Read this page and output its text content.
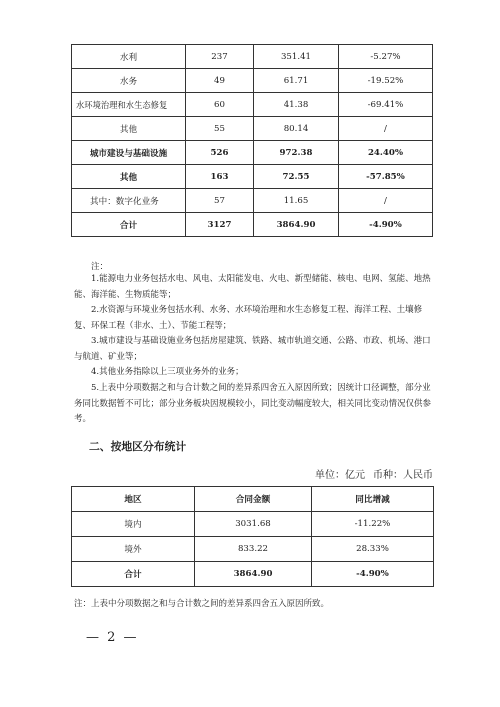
水利	237	351.41	-5.27%
水务	49	61.71	-19.52%
水环境治理和水生态修复	60	41.38	-69.41%
其他	55	80.14	/
城市建设与基础设施	526	972.38	24.40%
其他	163	72.55	-57.85%
其中：数字化业务	57	11.65	/
合计	3127	3864.90	-4.90%
注：
1.能源电力业务包括水电、风电、太阳能发电、火电、新型储能、核电、电网、氢能、地热能、海洋能、生物质能等；
2.水资源与环境业务包括水利、水务、水环境治理和水生态修复工程、海洋工程、土壤修复、环保工程（非水、土）、节能工程等；
3.城市建设与基础设施业务包括房屋建筑、铁路、城市轨道交通、公路、市政、机场、港口与航道、矿业等；
4.其他业务指除以上三项业务外的业务；
5.上表中分项数据之和与合计数之间的差异系四舍五入原因所致；因统计口径调整，部分业务同比数据暂不可比；部分业务板块因规模较小，同比变动幅度较大，相关同比变动情况仅供参考。
二、按地区分布统计
单位：亿元 币种：人民币
地区	合同金额	同比增减
境内	3031.68	-11.22%
境外	833.22	28.33%
合计	3864.90	-4.90%
注：上表中分项数据之和与合计数之间的差异系四舍五入原因所致。
— 2 —
